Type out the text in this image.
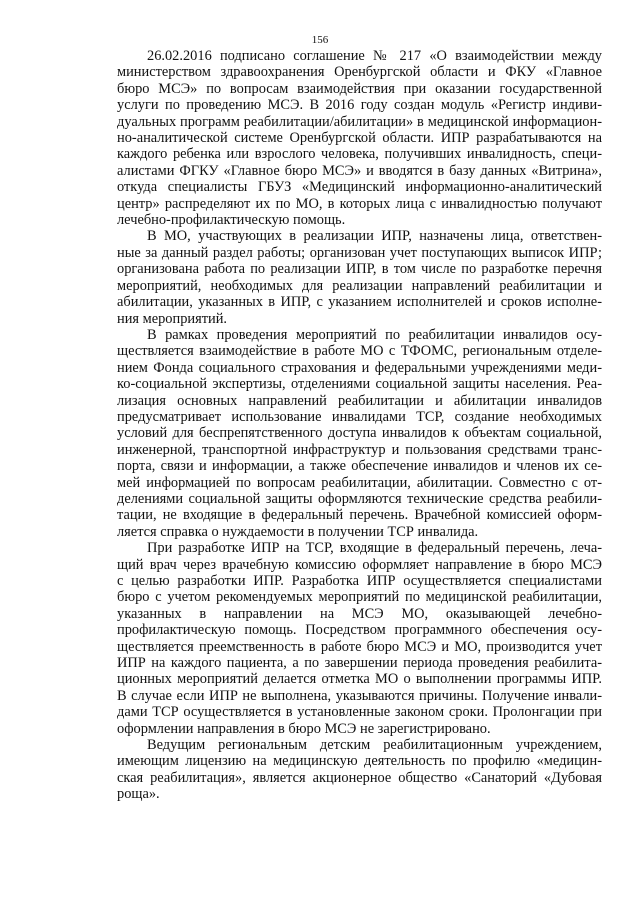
156
26.02.2016 подписано соглашение № 217 «О взаимодействии между
министерством здравоохранения Оренбургской области и ФКУ «Главное
бюро МСЭ» по вопросам взаимодействия при оказании государственной
услуги по проведению МСЭ. В 2016 году создан модуль «Регистр индиви-
дуальных программ реабилитации/абилитации» в медицинской информацион-
но-аналитической системе Оренбургской области. ИПР разрабатываются на
каждого ребенка или взрослого человека, получивших инвалидность, специ-
алистами ФГКУ «Главное бюро МСЭ» и вводятся в базу данных «Витрина»,
откуда специалисты ГБУЗ «Медицинский информационно-аналитический
центр» распределяют их по МО, в которых лица с инвалидностью получают
лечебно-профилактическую помощь.
В МО, участвующих в реализации ИПР, назначены лица, ответствен-
ные за данный раздел работы; организован учет поступающих выписок ИПР;
организована работа по реализации ИПР, в том числе по разработке перечня
мероприятий, необходимых для реализации направлений реабилитации и
абилитации, указанных в ИПР, с указанием исполнителей и сроков исполне-
ния мероприятий.
В рамках проведения мероприятий по реабилитации инвалидов осу-
ществляется взаимодействие в работе МО с ТФОМС, региональным отделе-
нием Фонда социального страхования и федеральными учреждениями меди-
ко-социальной экспертизы, отделениями социальной защиты населения. Реа-
лизация основных направлений реабилитации и абилитации инвалидов
предусматривает использование инвалидами ТСР, создание необходимых
условий для беспрепятственного доступа инвалидов к объектам социальной,
инженерной, транспортной инфраструктур и пользования средствами транс-
порта, связи и информации, а также обеспечение инвалидов и членов их се-
мей информацией по вопросам реабилитации, абилитации. Совместно с от-
делениями социальной защиты оформляются технические средства реабили-
тации, не входящие в федеральный перечень. Врачебной комиссией оформ-
ляется справка о нуждаемости в получении ТСР инвалида.
При разработке ИПР на ТСР, входящие в федеральный перечень, леча-
щий врач через врачебную комиссию оформляет направление в бюро МСЭ
с целью разработки ИПР. Разработка ИПР осуществляется специалистами
бюро с учетом рекомендуемых мероприятий по медицинской реабилитации,
указанных в направлении на МСЭ МО, оказывающей лечебно-
профилактическую помощь. Посредством программного обеспечения осу-
ществляется преемственность в работе бюро МСЭ и МО, производится учет
ИПР на каждого пациента, а по завершении периода проведения реабилита-
ционных мероприятий делается отметка МО о выполнении программы ИПР.
В случае если ИПР не выполнена, указываются причины. Получение инвали-
дами ТСР осуществляется в установленные законом сроки. Пролонгации при
оформлении направления в бюро МСЭ не зарегистрировано.
Ведущим региональным детским реабилитационным учреждением,
имеющим лицензию на медицинскую деятельность по профилю «медицин-
ская реабилитация», является акционерное общество «Санаторий «Дубовая
роща».
